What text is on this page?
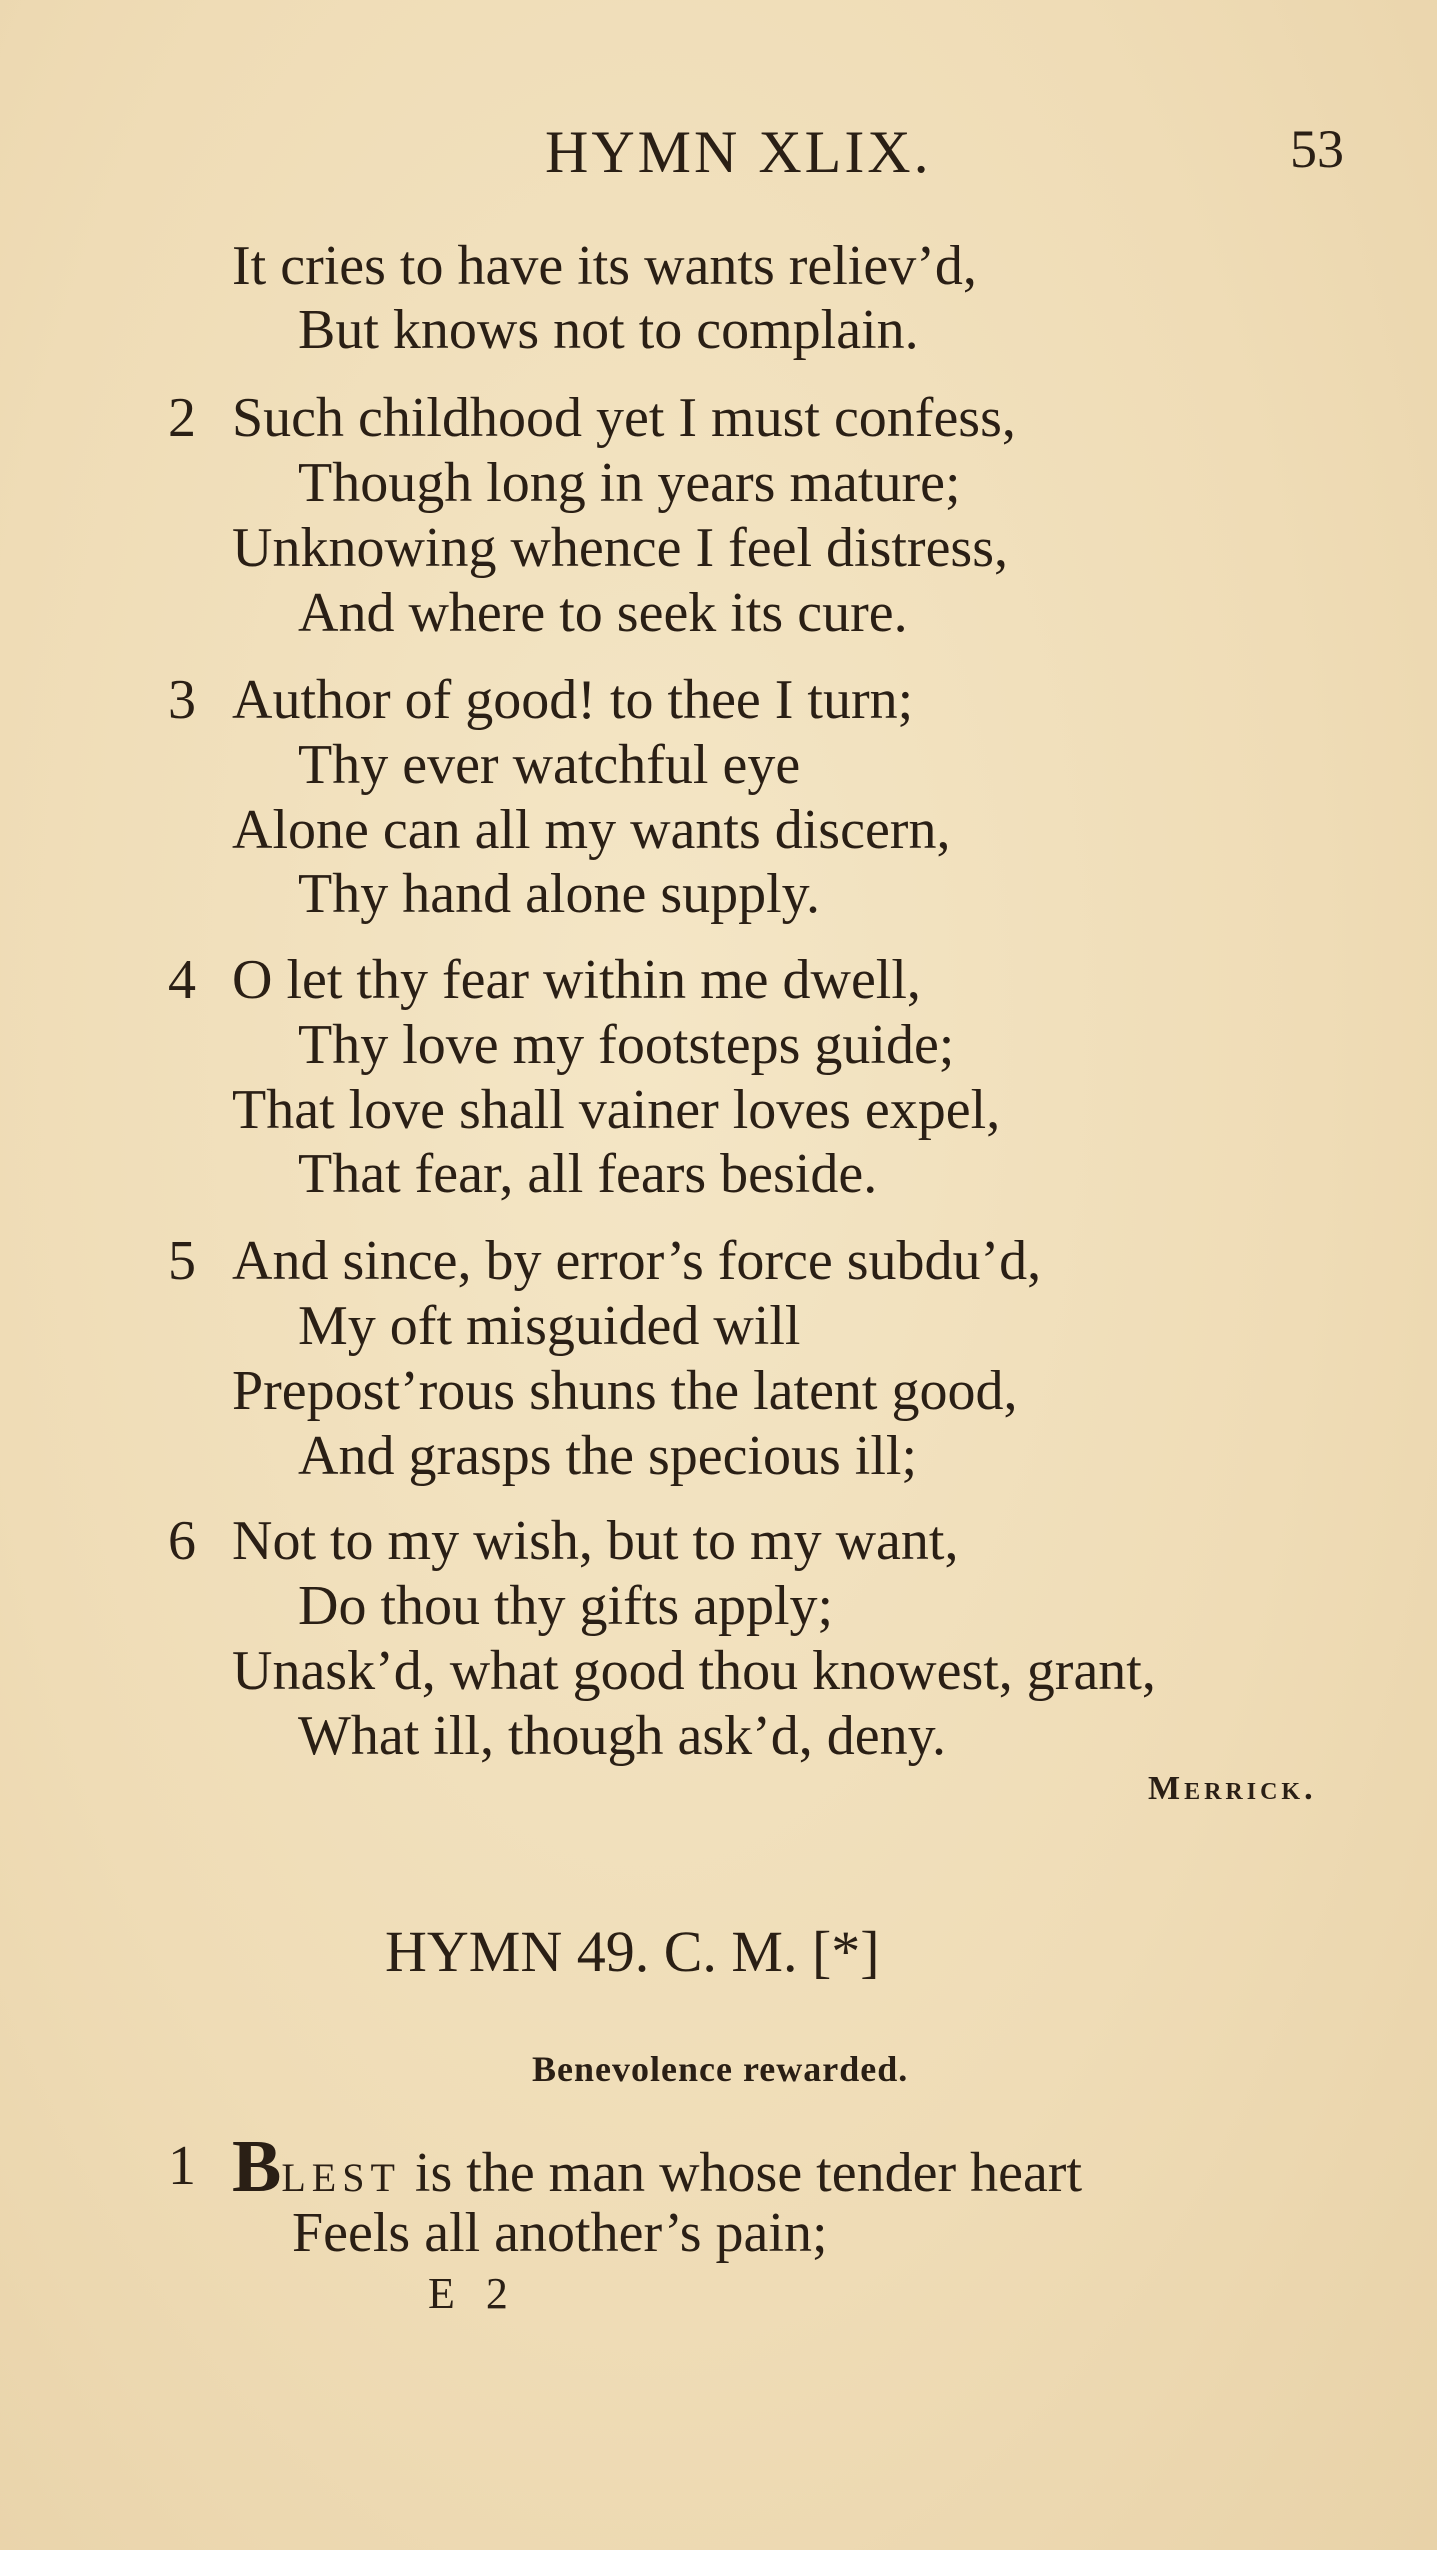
HYMN XLIX.	53
It cries to have its wants reliev’d,
But knows not to complain.
2 Such childhood yet I must confess,
Though long in years mature;
Unknowing whence I feel distress,
And where to seek its cure.
3 Author of good! to thee I turn;
Thy ever watchful eye
Alone can all my wants discern,
Thy hand alone supply.
4 O let thy fear within me dwell,
Thy love my footsteps guide;
That love shall vainer loves expel,
That fear, all fears beside.
5 And since, by error’s force subdu’d,
My oft misguided will
Prepost’rous shuns the latent good,
And grasps the specious ill;
6 Not to my wish, but to my want,
Do thou thy gifts apply;
Unask’d, what good thou knowest, grant,
What ill, though ask’d, deny.
Merrick.
HYMN 49. C. M. [*]
Benevolence rewarded.
1 BLEST is the man whose tender heart
Feels all another’s pain;
E 2
